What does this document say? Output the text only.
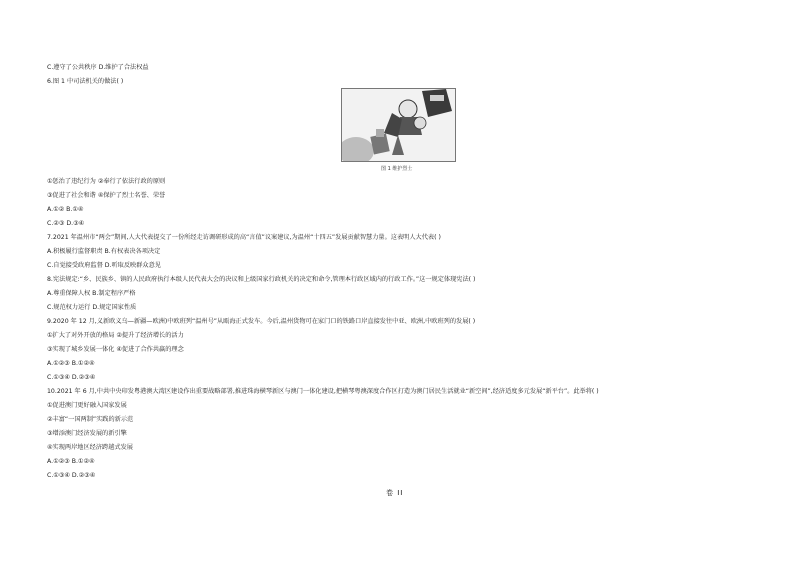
C.遵守了公共秩序 D.维护了合法权益
6.图 1 中司法机关的做法( )
图 1 维护烈士
①惩治了违纪行为 ②奉行了依法行政的原则
③促进了社会和谐 ④保护了烈士名誉、荣誉
A.①② B.①④
C.②③ D.③④
7.2021 年温州市“两会”期间,人大代表提交了一份所经走访调研形成的高“言值”议案建议,为温州“十四五”发展贡献智慧力量。这表明人大代表( )
A.积极履行监督职责 B.有权表决各项决定
C.自觉接受政府监督 D.听取反映群众意见
8.宪法规定:“乡、民族乡、镇的人民政府执行本级人民代表大会的决议和上级国家行政机关的决定和命令,管理本行政区域内的行政工作。”这一规定体现宪法( )
A.尊重保障人权 B.制定程序严格
C.规范权力运行 D.规定国家性质
9.2020 年 12 月,义新欧义乌—新疆—欧洲)中欧班列“温州号”从瓯海正式发车。今后,温州货物可在家门口的铁路口岸直接发往中亚、欧洲,中欧班列的发展( )
①扩大了对外开放的格局 ②提升了经济增长的活力
③实现了城乡发展一体化 ④促进了合作共赢的理念
A.①②③ B.①②④
C.①③④ D.②③④
10.2021 年 6 月,中共中央印发粤港澳大湾区建设作出重要战略部署,推进珠海横琴新区与澳门一体化建设,把横琴粤澳深度合作区打造为澳门居民生活就业“新空间”,经济适度多元发展“新平台”。此举将( )
①促进澳门更好融入国家发展
②丰富“一国两制”实践的新示范
③增添澳门经济发展的新引擎
④实现两岸地区经济跨越式发展
A.①②③ B.①②④
C.①③④ D.②③④
卷 II
